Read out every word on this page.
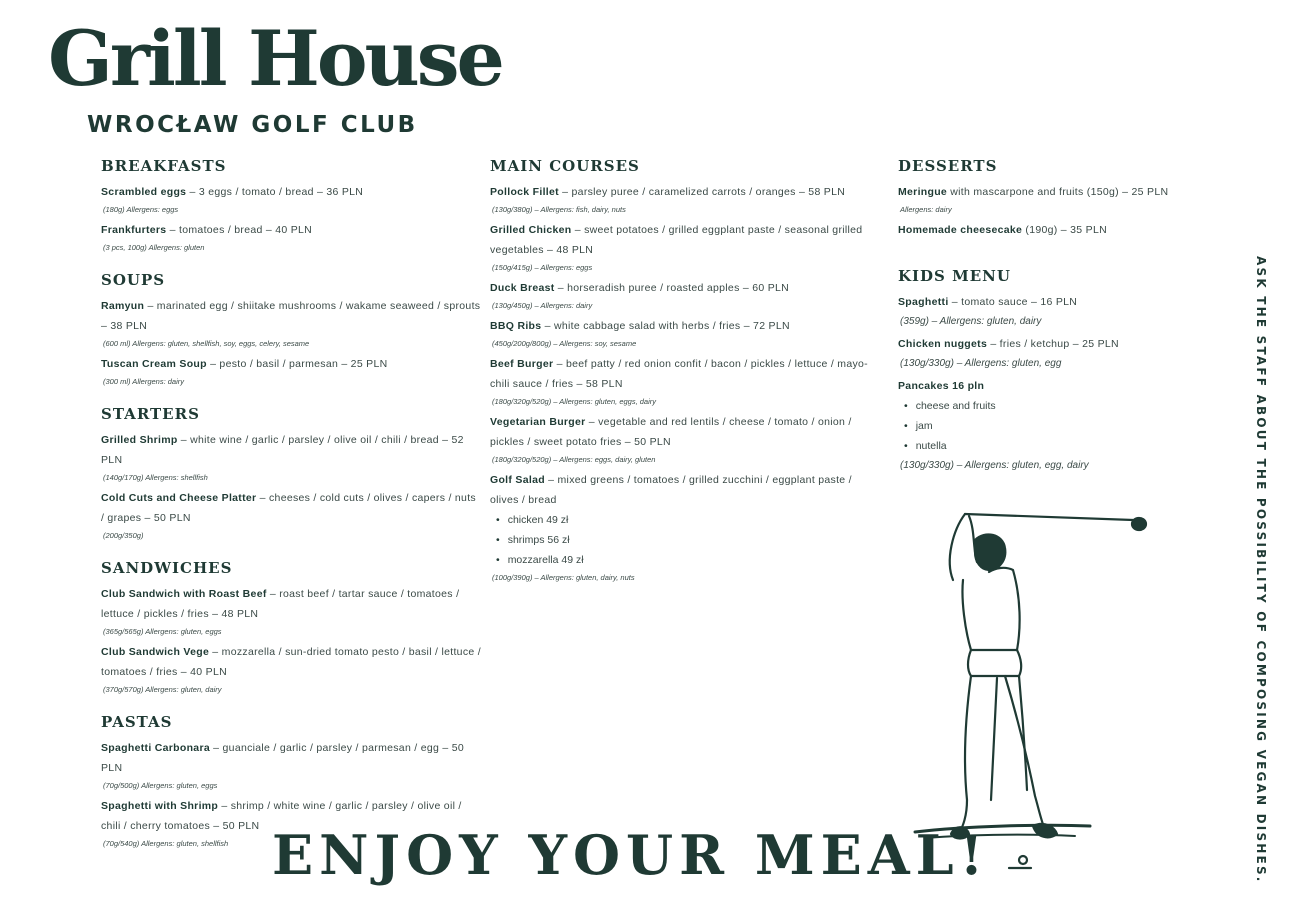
Grill House
WROCŁAW GOLF CLUB
BREAKFASTS
Scrambled eggs – 3 eggs / tomato / bread – 36 PLN
(180g) Allergens: eggs
Frankfurters – tomatoes / bread – 40 PLN
(3 pcs, 100g) Allergens: gluten
SOUPS
Ramyun – marinated egg / shiitake mushrooms / wakame seaweed / sprouts – 38 PLN
(600 ml) Allergens: gluten, shellfish, soy, eggs, celery, sesame
Tuscan Cream Soup – pesto / basil / parmesan – 25 PLN
(300 ml) Allergens: dairy
STARTERS
Grilled Shrimp – white wine / garlic / parsley / olive oil / chili / bread – 52 PLN
(140g/170g) Allergens: shellfish
Cold Cuts and Cheese Platter – cheeses / cold cuts / olives / capers / nuts / grapes – 50 PLN
(200g/350g)
SANDWICHES
Club Sandwich with Roast Beef – roast beef / tartar sauce / tomatoes / lettuce / pickles / fries – 48 PLN
(365g/565g) Allergens: gluten, eggs
Club Sandwich Vege – mozzarella / sun-dried tomato pesto / basil / lettuce / tomatoes / fries – 40 PLN
(370g/570g) Allergens: gluten, dairy
PASTAS
Spaghetti Carbonara – guanciale / garlic / parsley / parmesan / egg – 50 PLN
(70g/500g) Allergens: gluten, eggs
Spaghetti with Shrimp – shrimp / white wine / garlic / parsley / olive oil / chili / cherry tomatoes – 50 PLN
(70g/540g) Allergens: gluten, shellfish
MAIN COURSES
Pollock Fillet – parsley puree / caramelized carrots / oranges – 58 PLN
(130g/380g) – Allergens: fish, dairy, nuts
Grilled Chicken – sweet potatoes / grilled eggplant paste / seasonal grilled vegetables – 48 PLN
(150g/415g) – Allergens: eggs
Duck Breast – horseradish puree / roasted apples – 60 PLN
(130g/450g) – Allergens: dairy
BBQ Ribs – white cabbage salad with herbs / fries – 72 PLN
(450g/200g/800g) – Allergens: soy, sesame
Beef Burger – beef patty / red onion confit / bacon / pickles / lettuce / mayo-chili sauce / fries – 58 PLN
(180g/320g/520g) – Allergens: gluten, eggs, dairy
Vegetarian Burger – vegetable and red lentils / cheese / tomato / onion / pickles / sweet potato fries – 50 PLN
(180g/320g/520g) – Allergens: eggs, dairy, gluten
Golf Salad – mixed greens / tomatoes / grilled zucchini / eggplant paste / olives / bread
• chicken 49 zł
• shrimps 56 zł
• mozzarella 49 zł
(100g/390g) – Allergens: gluten, dairy, nuts
DESSERTS
Meringue with mascarpone and fruits (150g) – 25 PLN
Allergens: dairy
Homemade cheesecake (190g) – 35 PLN
KIDS MENU
Spaghetti – tomato sauce – 16 PLN
(359g) – Allergens: gluten, dairy
Chicken nuggets – fries / ketchup – 25 PLN
(130g/330g) – Allergens: gluten, egg
Pancakes 16 pln
• cheese and fruits
• jam
• nutella
(130g/330g) – Allergens: gluten, egg, dairy
ENJOY YOUR MEAL!	ASK THE STAFF ABOUT THE POSSIBILITY OF COMPOSING VEGAN DISHES.
